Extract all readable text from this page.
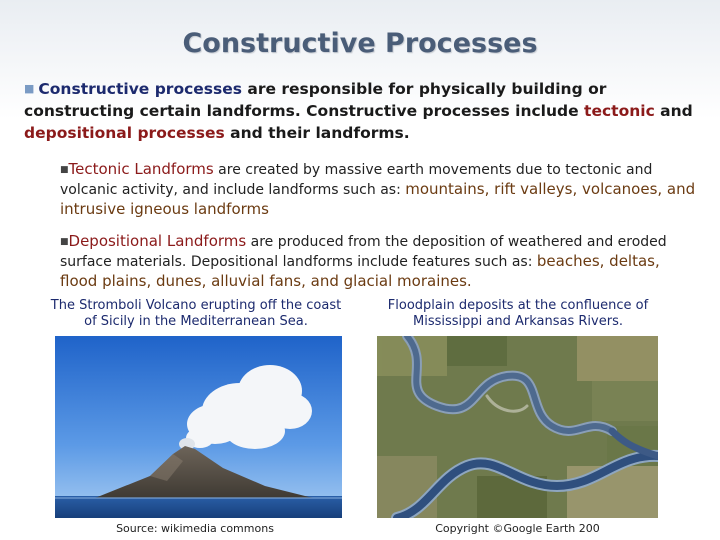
Constructive Processes
■ Constructive processes are responsible for physically building or constructing certain landforms. Constructive processes include tectonic and depositional processes and their landforms.
■Tectonic Landforms are created by massive earth movements due to tectonic and volcanic activity, and include landforms such as: mountains, rift valleys, volcanoes, and intrusive igneous landforms
■Depositional Landforms are produced from the deposition of weathered and eroded surface materials. Depositional landforms include features such as: beaches, deltas, flood plains, dunes, alluvial fans, and glacial moraines.
The Stromboli Volcano erupting off the coast of Sicily in the Mediterranean Sea.
Floodplain deposits at the confluence of Mississippi and Arkansas Rivers.
Source: wikimedia commons	Copyright ©Google Earth 200
